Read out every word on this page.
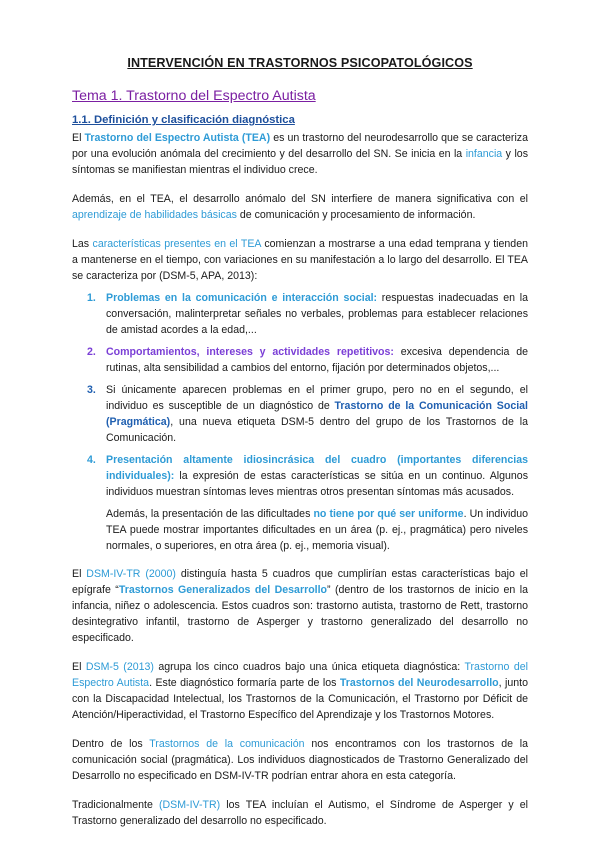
INTERVENCIÓN EN TRASTORNOS PSICOPATOLÓGICOS
Tema 1. Trastorno del Espectro Autista
1.1. Definición y clasificación diagnóstica

El Trastorno del Espectro Autista (TEA) es un trastorno del neurodesarrollo que se caracteriza por una evolución anómala del crecimiento y del desarrollo del SN. Se inicia en la infancia y los síntomas se manifiestan mientras el individuo crece.

Además, en el TEA, el desarrollo anómalo del SN interfiere de manera significativa con el aprendizaje de habilidades básicas de comunicación y procesamiento de información.

Las características presentes en el TEA comienzan a mostrarse a una edad temprana y tienden a mantenerse en el tiempo, con variaciones en su manifestación a lo largo del desarrollo. El TEA se caracteriza por (DSM-5, APA, 2013):

1. Problemas en la comunicación e interacción social: respuestas inadecuadas en la conversación, malinterpretar señales no verbales, problemas para establecer relaciones de amistad acordes a la edad,...
2. Comportamientos, intereses y actividades repetitivos: excesiva dependencia de rutinas, alta sensibilidad a cambios del entorno, fijación por determinados objetos,...
3. Si únicamente aparecen problemas en el primer grupo, pero no en el segundo, el individuo es susceptible de un diagnóstico de Trastorno de la Comunicación Social (Pragmática), una nueva etiqueta DSM-5 dentro del grupo de los Trastornos de la Comunicación.
4. Presentación altamente idiosincrásica del cuadro (importantes diferencias individuales): la expresión de estas características se sitúa en un continuo. Algunos individuos muestran síntomas leves mientras otros presentan síntomas más acusados.
Además, la presentación de las dificultades no tiene por qué ser uniforme. Un individuo TEA puede mostrar importantes dificultades en un área (p. ej., pragmática) pero niveles normales, o superiores, en otra área (p. ej., memoria visual).

El DSM-IV-TR (2000) distinguía hasta 5 cuadros que cumplirían estas características bajo el epígrafe “Trastornos Generalizados del Desarrollo” (dentro de los trastornos de inicio en la infancia, niñez o adolescencia. Estos cuadros son: trastorno autista, trastorno de Rett, trastorno desintegrativo infantil, trastorno de Asperger y trastorno generalizado del desarrollo no especificado.

El DSM-5 (2013) agrupa los cinco cuadros bajo una única etiqueta diagnóstica: Trastorno del Espectro Autista. Este diagnóstico formaría parte de los Trastornos del Neurodesarrollo, junto con la Discapacidad Intelectual, los Trastornos de la Comunicación, el Trastorno por Déficit de Atención/Hiperactividad, el Trastorno Específico del Aprendizaje y los Trastornos Motores.

Dentro de los Trastornos de la comunicación nos encontramos con los trastornos de la comunicación social (pragmática). Los individuos diagnosticados de Trastorno Generalizado del Desarrollo no especificado en DSM-IV-TR podrían entrar ahora en esta categoría.

Tradicionalmente (DSM-IV-TR) los TEA incluían el Autismo, el Síndrome de Asperger y el Trastorno generalizado del desarrollo no especificado.
